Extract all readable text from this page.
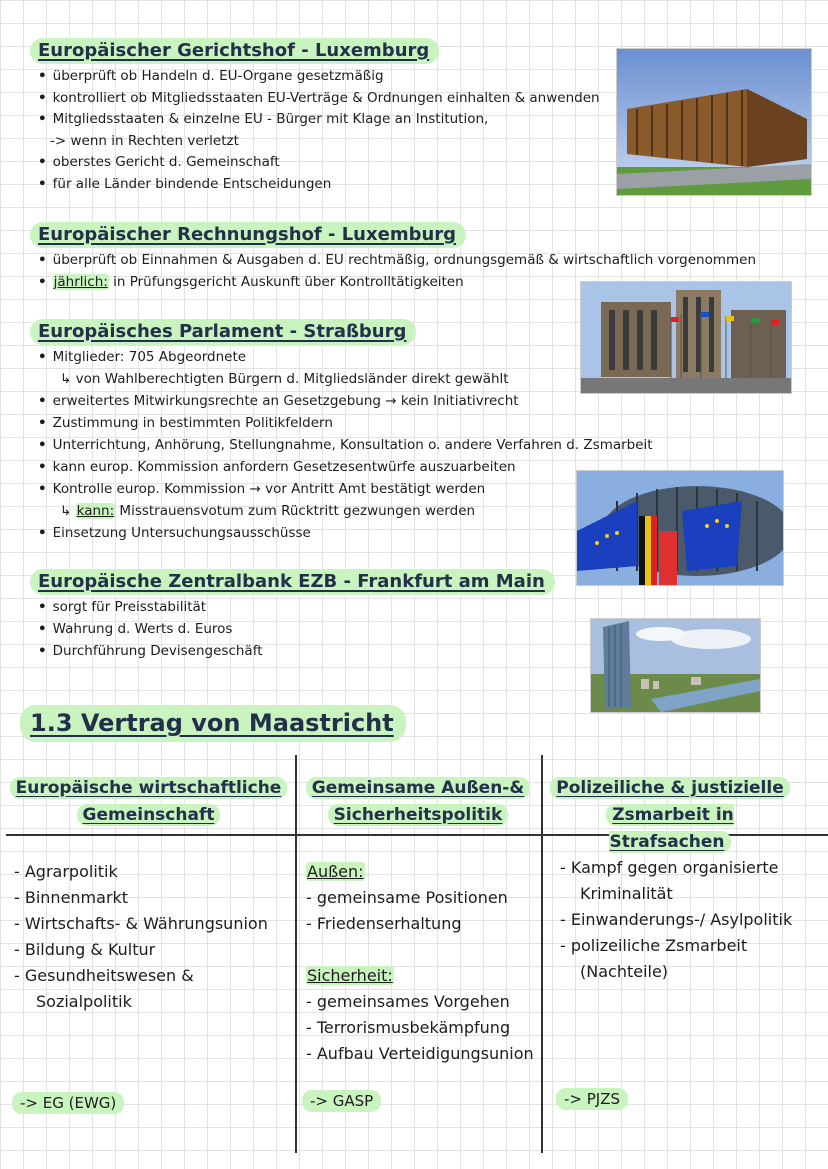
Europäischer Gerichtshof - Luxemburg
• überprüft ob Handeln d. EU-Organe gesetzmäßig
• kontrolliert ob Mitgliedsstaaten EU-Verträge & Ordnungen einhalten & anwenden
• Mitgliedsstaaten & einzelne EU - Bürger mit Klage an Institution,
-> wenn in Rechten verletzt
• oberstes Gericht d. Gemeinschaft
• für alle Länder bindende Entscheidungen
Europäischer Rechnungshof - Luxemburg
• überprüft ob Einnahmen & Ausgaben d. EU rechtmäßig, ordnungsgemäß & wirtschaftlich vorgenommen
• jährlich: in Prüfungsgericht Auskunft über Kontrolltätigkeiten
Europäisches Parlament - Straßburg
• Mitglieder: 705 Abgeordnete
↳ von Wahlberechtigten Bürgern d. Mitgliedsländer direkt gewählt
• erweitertes Mitwirkungsrechte an Gesetzgebung → kein Initiativrecht
• Zustimmung in bestimmten Politikfeldern
• Unterrichtung, Anhörung, Stellungnahme, Konsultation o. andere Verfahren d. Zsmarbeit
• kann europ. Kommission anfordern Gesetzesentwürfe auszuarbeiten
• Kontrolle europ. Kommission → vor Antritt Amt bestätigt werden
↳ kann: Misstrauensvotum zum Rücktritt gezwungen werden
• Einsetzung Untersuchungsausschüsse
Europäische Zentralbank EZB - Frankfurt am Main
• sorgt für Preisstabilität
• Wahrung d. Werts d. Euros
• Durchführung Devisengeschäft
1.3 Vertrag von Maastricht
Europäische wirtschaftliche
Gemeinschaft
Gemeinsame Außen-&
Sicherheitspolitik
Polizeiliche & justizielle
Zsmarbeit in Strafsachen
- Agrarpolitik
- Binnenmarkt
- Wirtschafts- & Währungsunion
- Bildung & Kultur
- Gesundheitswesen &
Sozialpolitik
-> EG (EWG)
Außen:
- gemeinsame Positionen
- Friedenserhaltung
Sicherheit:
- gemeinsames Vorgehen
- Terrorismusbekämpfung
- Aufbau Verteidigungsunion
-> GASP
- Kampf gegen organisierte
Kriminalität
- Einwanderungs-/ Asylpolitik
- polizeiliche Zsmarbeit
(Nachteile)
-> PJZS
